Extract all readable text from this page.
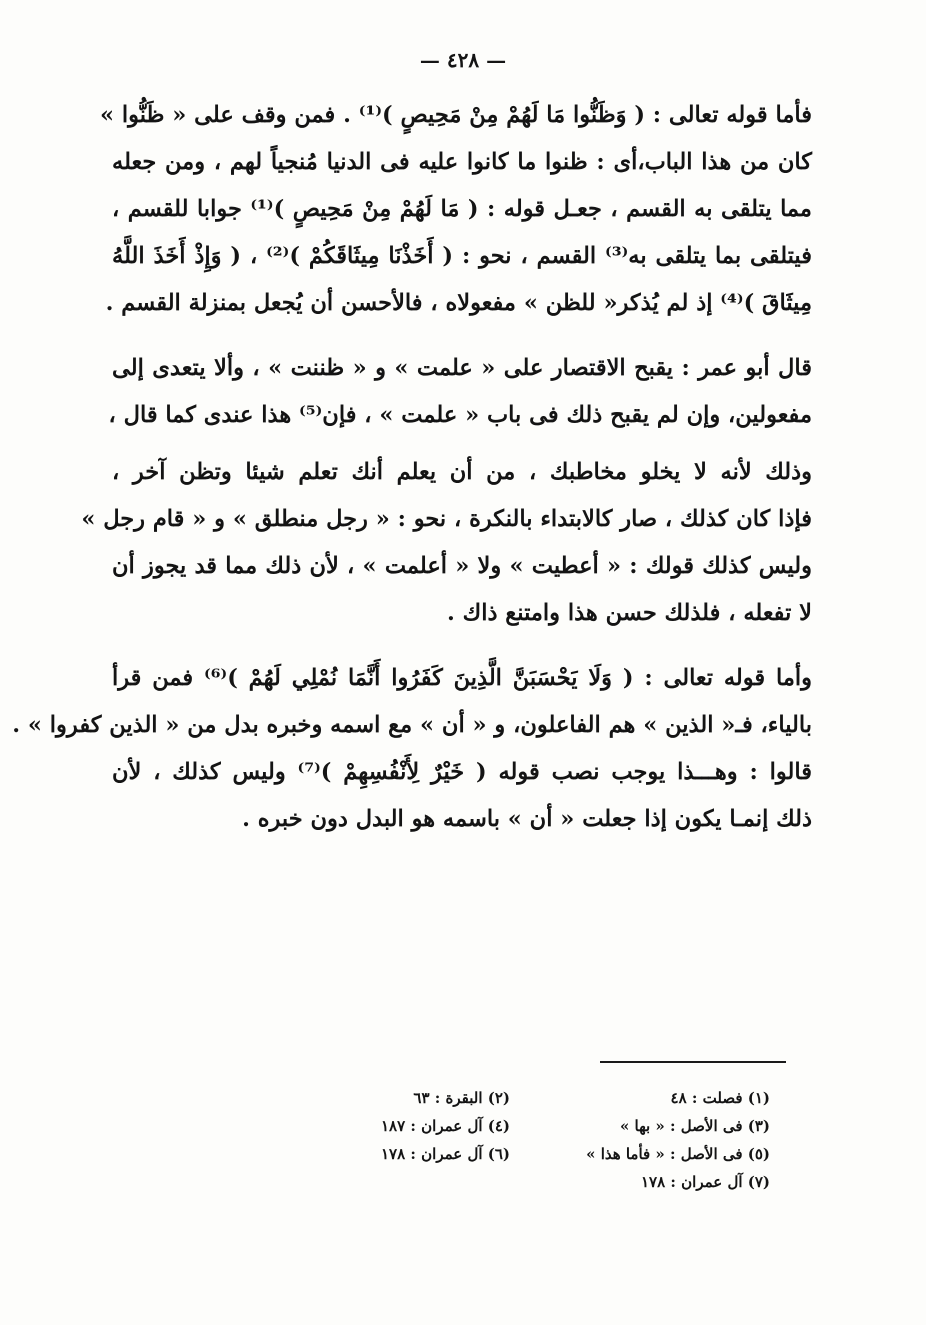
— ٤٢٨ —
فأما قوله تعالى : ( وَظَنُّوا مَا لَهُمْ مِنْ مَحِيصٍ )⁽¹⁾ . فمن وقف على « ظَنُّوا »
كان من هذا الباب،أى : ظنوا ما كانوا عليه فى الدنيا مُنجياً لهم ، ومن جعله
مما يتلقى به القسم ، جعـل قوله : ( مَا لَهُمْ مِنْ مَحِيصٍ )⁽¹⁾ جوابا للقسم ،
فيتلقى بما يتلقى به⁽³⁾ القسم ، نحو : ( أَخَذْنَا مِيثَاقَكُمْ )⁽²⁾ ، ( وَإِذْ أَخَذَ اللَّهُ
مِيثَاقَ )⁽⁴⁾ إذ لم يُذكر« للظن » مفعولاه ، فالأحسن أن يُجعل بمنزلة القسم .
قال أبو عمر : يقبح الاقتصار على « علمت » و « ظننت » ، وألا يتعدى إلى
مفعولين، وإن لم يقبح ذلك فى باب « علمت » ، فإن⁽⁵⁾ هذا عندى كما قال ،
وذلك لأنه لا يخلو مخاطبك ، من أن يعلم أنك تعلم شيئا وتظن آخر ،
فإذا كان كذلك ، صار كالابتداء بالنكرة ، نحو : « رجل منطلق » و « قام رجل »
وليس كذلك قولك : « أعطيت » ولا « أعلمت » ، لأن ذلك مما قد يجوز أن
لا تفعله ، فلذلك حسن هذا وامتنع ذاك .
وأما قوله تعالى : ( وَلَا يَحْسَبَنَّ الَّذِينَ كَفَرُوا أَنَّمَا نُمْلِي لَهُمْ )⁽⁶⁾ فمن قرأ
بالياء، فـ« الذين » هم الفاعلون، و « أن » مع اسمه وخبره بدل من « الذين كفروا » .
قالوا : وهـــذا يوجب نصب قوله ( خَيْرٌ لِأَنْفُسِهِمْ )⁽⁷⁾ وليس كذلك ، لأن
ذلك إنمـا يكون إذا جعلت « أن » باسمه هو البدل دون خبره .
(١) فصلت : ٤٨
(٢) البقرة : ٦٣
(٣) فى الأصل : « بها »
(٤) آل عمران : ١٨٧
(٥) فى الأصل : « فأما هذا »
(٦) آل عمران : ١٧٨
(٧) آل عمران : ١٧٨
